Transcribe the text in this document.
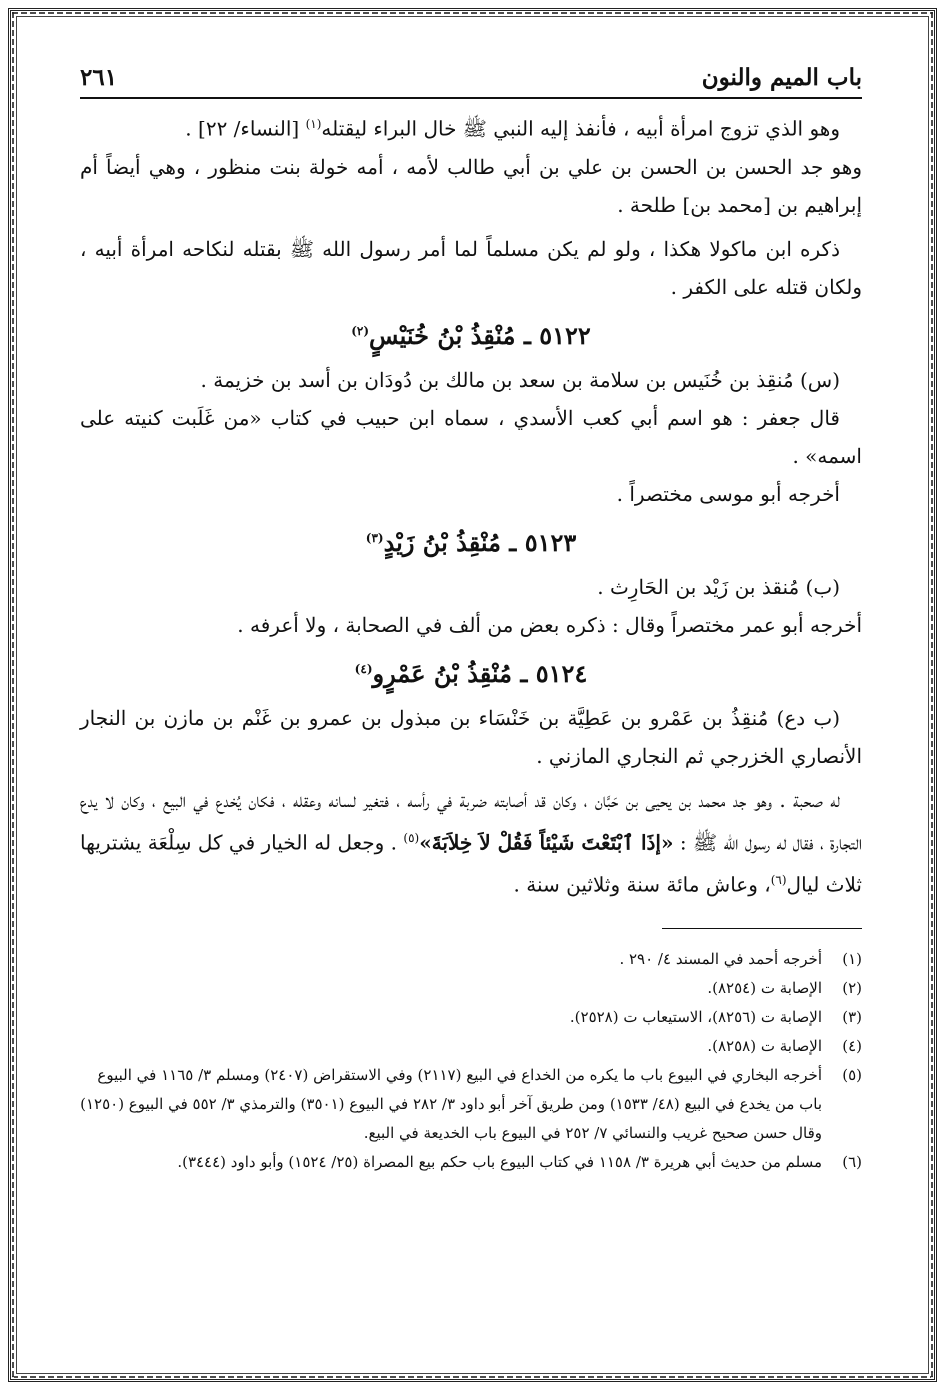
باب الميم والنون
٢٦١

وهو الذي تزوج امرأة أبيه ، فأنفذ إليه النبي ﷺ خال البراء ليقتله$^{(١)}$ [النساء/ ٢٢] .

وهو جد الحسن بن الحسن بن علي بن أبي طالب لأمه ، أمه خولة بنت منظور ، وهي أيضاً أم إبراهيم بن [محمد بن] طلحة .

ذكره ابن ماكولا هكذا ، ولو لم يكن مسلماً لما أمر رسول الله ﷺ بقتله لنكاحه امرأة أبيه ، ولكان قتله على الكفر .

٥١٢٢ ـ مُنْقِذُ بْنُ خُنَيْسٍ$^{(٢)}$

(س) مُنقِذ بن خُنَيس بن سلامة بن سعد بن مالك بن دُودَان بن أسد بن خزيمة .

قال جعفر : هو اسم أبي كعب الأسدي ، سماه ابن حبيب في كتاب «من غَلَبت كنيته على اسمه» .

أخرجه أبو موسى مختصراً .

٥١٢٣ ـ مُنْقِذُ بْنُ زَيْدٍ$^{(٣)}$

(ب) مُنقذ بن زَيْد بن الحَارِث .

أخرجه أبو عمر مختصراً وقال : ذكره بعض من ألف في الصحابة ، ولا أعرفه .

٥١٢٤ ـ مُنْقِذُ بْنُ عَمْرٍو$^{(٤)}$

(ب دع) مُنقِذُ بن عَمْرو بن عَطِيَّة بن خَنْسَاء بن مبذول بن عمرو بن غَنْم بن مازن بن النجار الأنصاري الخزرجي ثم النجاري المازني .

له صحبة . وهو جد محمد بن يحيى بن حَبَّان ، وكان قد أصابته ضربة في رأسه ، فتغير لسانه وعقله ، فكان يُخدع في البيع ، وكان لا يدع التجارة ، فقال له رسول الله ﷺ : «إذَا ٱبْتَعْتَ شَيْئاً فَقُلْ لاَ خِلاَبَةَ»$^{(٥)}$ . وجعل له الخيار في كل سِلْعَة يشتريها ثلاث ليال$^{(٦)}$، وعاش مائة سنة وثلاثين سنة .

(١)
أخرجه أحمد في المسند ٤/ ٢٩٠ .
(٢)
الإصابة ت (٨٢٥٤).
(٣)
الإصابة ت (٨٢٥٦)، الاستيعاب ت (٢٥٢٨).
(٤)
الإصابة ت (٨٢٥٨).
(٥)
أخرجه البخاري في البيوع باب ما يكره من الخداع في البيع (٢١١٧) وفي الاستقراض (٢٤٠٧) ومسلم ٣/ ١١٦٥ في البيوع باب من يخدع في البيع (٤٨/ ١٥٣٣) ومن طريق آخر أبو داود ٣/ ٢٨٢ في البيوع (٣٥٠١) والترمذي ٣/ ٥٥٢ في البيوع (١٢٥٠) وقال حسن صحيح غريب والنسائي ٧/ ٢٥٢ في البيوع باب الخديعة في البيع.
(٦)
مسلم من حديث أبي هريرة ٣/ ١١٥٨ في كتاب البيوع باب حكم بيع المصراة (٢٥/ ١٥٢٤) وأبو داود (٣٤٤٤).
